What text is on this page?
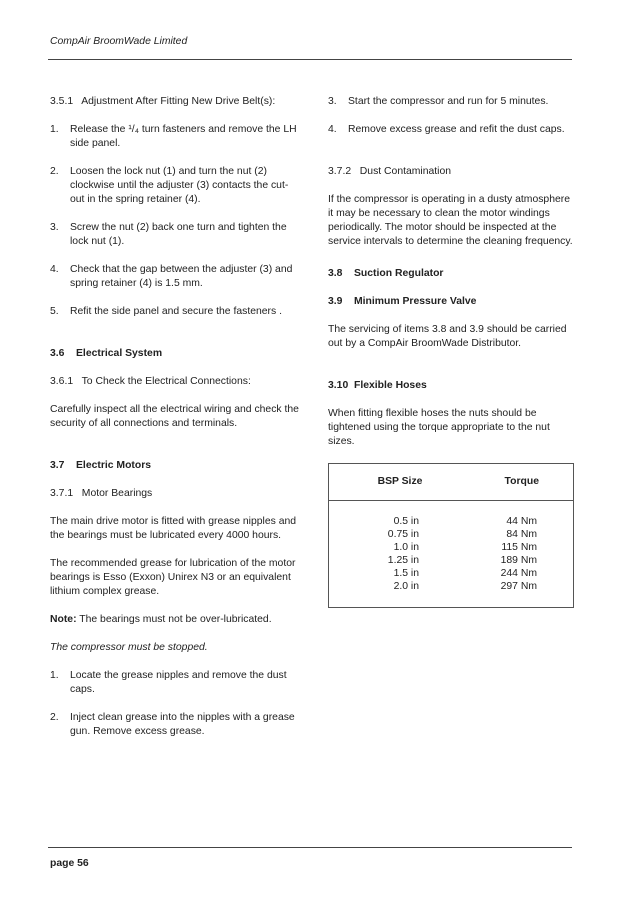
CompAir BroomWade Limited
3.5.1 Adjustment After Fitting New Drive Belt(s):
1.	Release the ¹/₄ turn fasteners and remove the LH side panel.
2.	Loosen the lock nut (1) and turn the nut (2) clockwise until the adjuster (3) contacts the cut-out in the spring retainer (4).
3.	Screw the nut (2) back one turn and tighten the lock nut (1).
4.	Check that the gap between the adjuster (3) and spring retainer (4) is 1.5 mm.
5.	Refit the side panel and secure the fasteners .
3.6 Electrical System
3.6.1 To Check the Electrical Connections:
Carefully inspect all the electrical wiring and check the security of all connections and terminals.
3.7 Electric Motors
3.7.1 Motor Bearings
The main drive motor is fitted with grease nipples and the bearings must be lubricated every 4000 hours.
The recommended grease for lubrication of the motor bearings is Esso (Exxon) Unirex N3 or an equivalent lithium complex grease.
Note: The bearings must not be over-lubricated.
The compressor must be stopped.
1.	Locate the grease nipples and remove the dust caps.
2.	Inject clean grease into the nipples with a grease gun. Remove excess grease.
3.	Start the compressor and run for 5 minutes.
4.	Remove excess grease and refit the dust caps.
3.7.2 Dust Contamination
If the compressor is operating in a dusty atmosphere it may be necessary to clean the motor windings periodically. The motor should be inspected at the service intervals to determine the cleaning frequency.
3.8 Suction Regulator
3.9 Minimum Pressure Valve
The servicing of items 3.8 and 3.9 should be carried out by a CompAir BroomWade Distributor.
3.10 Flexible Hoses
When fitting flexible hoses the nuts should be tightened using the torque appropriate to the nut sizes.
BSP Size	Torque
0.5 in	44 Nm
0.75 in	84 Nm
1.0 in	115 Nm
1.25 in	189 Nm
1.5 in	244 Nm
2.0 in	297 Nm
page 56
